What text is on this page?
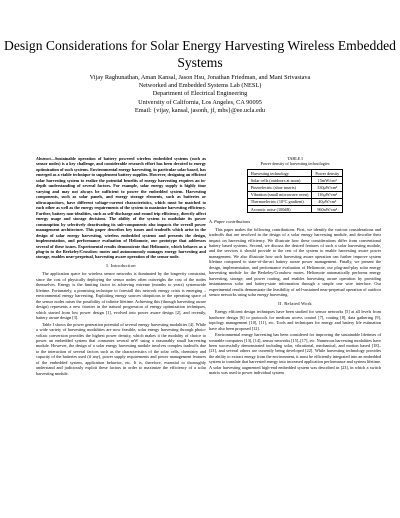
Design Considerations for Solar Energy Harvesting Wireless Embedded Systems
Vijay Raghunathan, Aman Kansal, Jason Hsu, Jonathan Friedman, and Mani Srivastava
Networked and Embedded Systems Lab (NESL)
Department of Electrical Engineering
University of California, Los Angeles, CA 90095
Email: {vijay, kansal, jasonh, jf, mbs}@ee.ucla.edu

Abstract—Sustainable operation of battery powered wireless embedded systems (such as sensor nodes) is a key challenge, and considerable research effort has been devoted to energy optimization of such systems. Environmental energy harvesting, in particular solar based, has emerged as a viable technique to supplement battery supplies. However, designing an efficient solar harvesting system to realize the potential benefits of energy harvesting requires an in-depth understanding of several factors. For example, solar energy supply is highly time varying and may not always be sufficient to power the embedded system. Harvesting components, such as solar panels, and energy storage elements, such as batteries or ultracapacitors, have different voltage-current characteristics, which must be matched to each other as well as the energy requirements of the system to maximize harvesting efficiency. Further, battery non-idealities, such as self-discharge and round trip efficiency, directly affect energy usage and storage decisions. The ability of the system to modulate its power consumption by selectively deactivating its sub-components also impacts the overall power management architecture. This paper describes key issues and tradeoffs which arise in the design of solar energy harvesting, wireless embedded systems and presents the design, implementation, and performance evaluation of Heliomote, our prototype that addresses several of these issues. Experimental results demonstrate that Heliomote, which behaves as a plug-in to the Berkeley/Crossbow motes and autonomously manages energy harvesting and storage, enables near-perpetual, harvesting aware operation of the sensor node.

I. Introduction

The application space for wireless sensor networks is dominated by the longevity constraint, since the cost of physically deploying the sensor nodes often outweighs the cost of the nodes themselves. Energy is the limiting factor in achieving extreme (months to years) systemwide lifetime. Fortunately, a promising technique to forestall this network energy crisis is emerging – environmental energy harvesting. Exploiting energy sources ubiquitous to the operating space of the sensor nodes raises the possibility of infinite lifetime. Achieving this (through harvesting aware design) represents a new frontier in the natural progression of energy optimization techniques, which started from low power design [1], evolved into power aware design [2], and recently, battery aware design [3].

Table I shows the power generation potential of several energy harvesting modalities [4]. While a wide variety of harvesting modalities are now feasible, solar energy harvesting through photo-voltaic conversion provides the highest power density, which makes it the modality of choice to power an embedded system that consumes several mW using a reasonably small harvesting module. However, the design of a solar energy harvesting module involves complex tradeoffs due to the interaction of several factors such as the characteristics of the solar cells, chemistry and capacity of the batteries used (if any), power supply requirements and power management features of the embedded system, application behavior, etc. It is, therefore, essential to thoroughly understand and judiciously exploit these factors in order to maximize the efficiency of a solar harvesting module.

TABLE I
Power density of harvesting technologies
Harvesting technology	Power density
Solar cells (outdoors at noon)	15mW/cm²
Piezoelectric (shoe inserts)	330μW/cm³
Vibration (small microwave oven)	116μW/cm³
Thermoelectric (10°C gradient)	40μW/cm³
Acoustic noise (100dB)	960nW/cm³
A. Paper contributions

This paper makes the following contributions. First, we identify the various considerations and tradeoffs that are involved in the design of a solar energy harvesting module, and describe their impact on harvesting efficiency. We illustrate how these considerations differ from conventional battery based systems. Second, we discuss the desired features of such a solar harvesting module, and the services it should provide to the rest of the system to enable harvesting aware power management. We also illustrate how such harvesting aware operation can further improve system lifetime compared to state-of-the-art battery aware power management. Finally, we present the design, implementation, and performance evaluation of Heliomote, our plug-and-play solar energy harvesting module for the Berkeley/Crossbow motes. Heliomote automatically performs energy harvesting, storage, and power routing, and enables harvesting aware operation by providing instantaneous solar and battery-state information through a simple one wire interface. Our experimental results demonstrate the feasibility of self-sustained near-perpetual operation of outdoor sensor networks using solar energy harvesting.

II. Related Work

Energy efficient design techniques have been studied for sensor networks [5] at all levels from hardware design [6] to protocols for medium access control [7], routing [8], data gathering [9], topology management [10], [11], etc. Tools and techniques for energy and battery life estimation have also been proposed [12].

Environmental energy harvesting has been considered for improving the sustainable lifetimes of wearable computers [13], [14], sensor networks [15]–[17], etc. Numerous harvesting modalities have been successfully demonstrated including solar, vibrational, mechanical, and motion based [18]–[21], and several others are currently being developed [22]. While harvesting technology provides the ability to extract energy from the environment, it must be efficiently integrated into an embedded system to translate that harvested energy into increased application performance and system lifetime. A solar harvesting augmented high-end embedded system was described in [23], in which a switch matrix was used to power individual system
